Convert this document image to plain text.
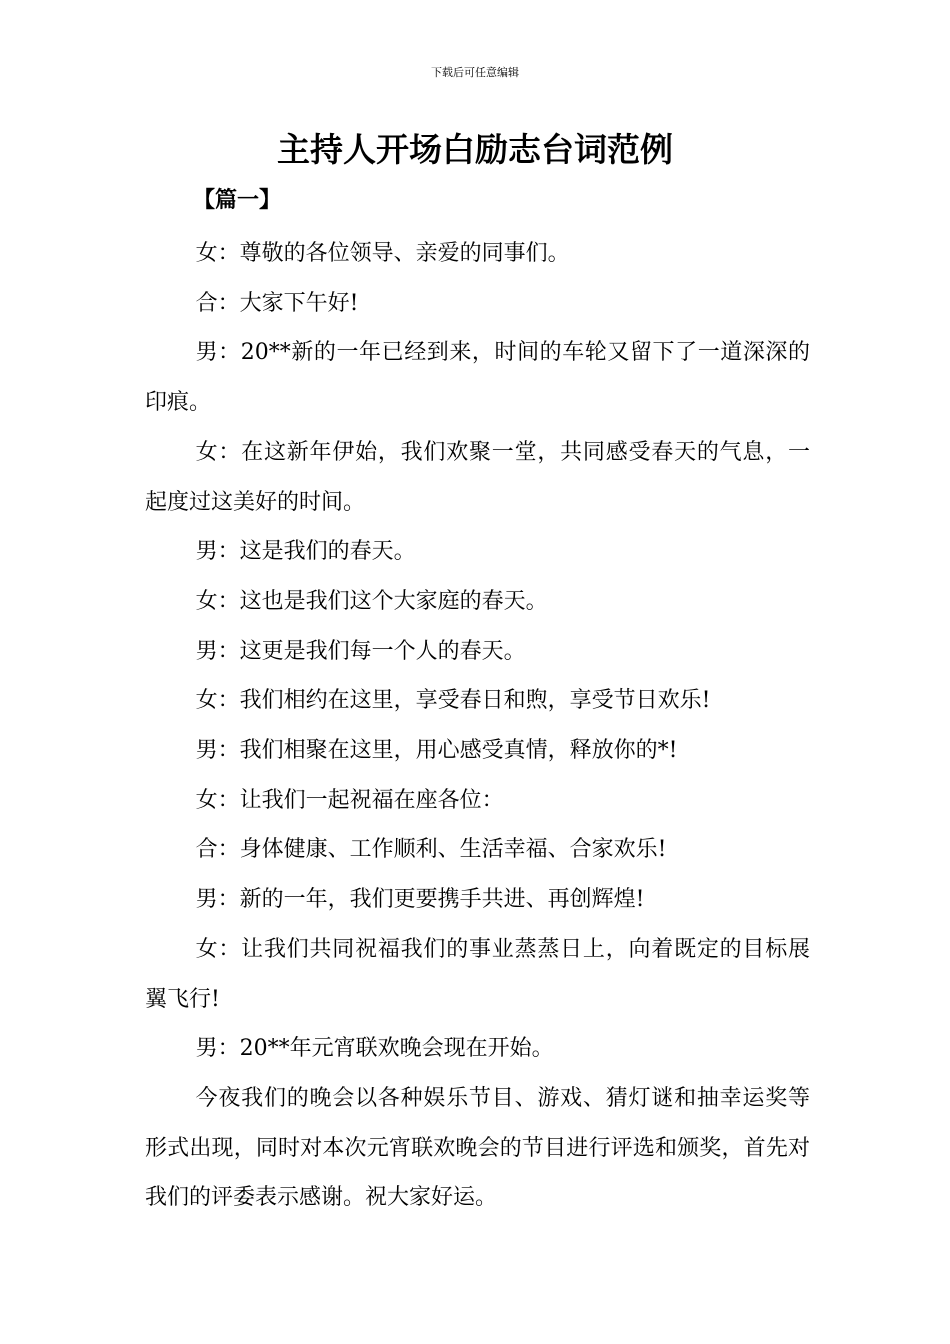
下载后可任意编辑
主持人开场白励志台词范例
【篇一】

女：尊敬的各位领导、亲爱的同事们。

合：大家下午好!

男：20**新的一年已经到来，时间的车轮又留下了一道深深的印痕。

女：在这新年伊始，我们欢聚一堂，共同感受春天的气息，一起度过这美好的时间。

男：这是我们的春天。

女：这也是我们这个大家庭的春天。

男：这更是我们每一个人的春天。

女：我们相约在这里，享受春日和煦，享受节日欢乐!

男：我们相聚在这里，用心感受真情，释放你的*!

女：让我们一起祝福在座各位：

合：身体健康、工作顺利、生活幸福、合家欢乐!

男：新的一年，我们更要携手共进、再创辉煌!

女：让我们共同祝福我们的事业蒸蒸日上，向着既定的目标展翼飞行!

男：20**年元宵联欢晚会现在开始。

今夜我们的晚会以各种娱乐节目、游戏、猜灯谜和抽幸运奖等形式出现，同时对本次元宵联欢晚会的节目进行评选和颁奖，首先对我们的评委表示感谢。祝大家好运。
